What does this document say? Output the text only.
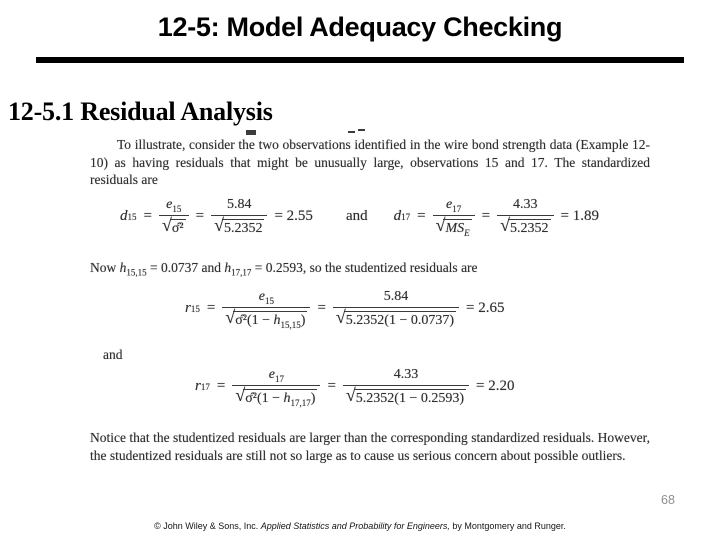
12-5: Model Adequacy Checking
12-5.1 Residual Analysis

To illustrate, consider the two observations identified in the wire bond strength data (Example 12-10) as having residuals that might be unusually large, observations 15 and 17. The standardized residuals are

d $15 = \frac{e_{15}}{\text{√ σ̂²}} = \frac{5.84}{√ 5.2352} = 2.55$ and d $17 = \frac{e_{17}}{√ MS_E} = \frac{4.33}{√ 5.2352} = 1.89$
Now $h_{15,15} = 0.0737$ and $h_{17,17} = 0.2593$, so the studentized residuals are
r $15 = \frac{e_{15}}{√ \sigmâ^2(1 - h_{15,15})} = \frac{5.84}{√ 5.2352(1 - 0.0737)} = 2.65$
and
r $17 = \frac{e_{17}}{√ \sigmâ^2(1 - h_{17,17})} = \frac{4.33}{√ 5.2352(1 - 0.2593)} = 2.20$

Notice that the studentized residuals are larger than the corresponding standardized residuals. However, the studentized residuals are still not so large as to cause us serious concern about possible outliers.

68
© John Wiley & Sons, Inc. Applied Statistics and Probability for Engineers, by Montgomery and Runger.
